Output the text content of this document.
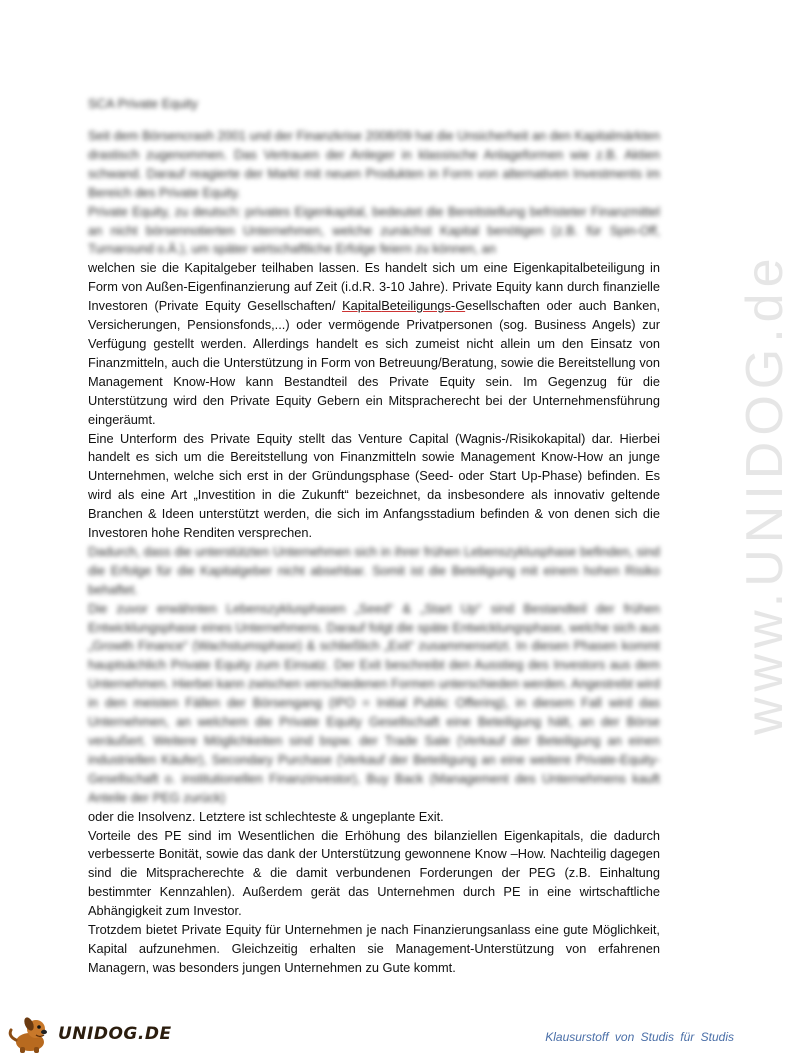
www.UNIDOG.de
SCA Private Equity

Seit dem Börsencrash 2001 und der Finanzkrise 2008/09 hat die Unsicherheit an den Kapitalmärkten drastisch zugenommen. Das Vertrauen der Anleger in klassische Anlageformen wie z.B. Aktien schwand. Darauf reagierte der Markt mit neuen Produkten in Form von alternativen Investments im Bereich des Private Equity.

Private Equity, zu deutsch: privates Eigenkapital, bedeutet die Bereitstellung befristeter Finanzmittel an nicht börsennotierten Unternehmen, welche zunächst Kapital benötigen (z.B. für Spin-Off, Turnaround o.Ä.), um später wirtschaftliche Erfolge feiern zu können, an

welchen sie die Kapitalgeber teilhaben lassen. Es handelt sich um eine Eigenkapitalbeteiligung in Form von Außen-Eigenfinanzierung auf Zeit (i.d.R. 3-10 Jahre). Private Equity kann durch finanzielle Investoren (Private Equity Gesellschaften/ KapitalBeteiligungs-Gesellschaften oder auch Banken, Versicherungen, Pensionsfonds,...) oder vermögende Privatpersonen (sog. Business Angels) zur Verfügung gestellt werden. Allerdings handelt es sich zumeist nicht allein um den Einsatz von Finanzmitteln, auch die Unterstützung in Form von Betreuung/Beratung, sowie die Bereitstellung von Management Know-How kann Bestandteil des Private Equity sein. Im Gegenzug für die Unterstützung wird den Private Equity Gebern ein Mitspracherecht bei der Unternehmensführung eingeräumt.

Eine Unterform des Private Equity stellt das Venture Capital (Wagnis-/Risikokapital) dar. Hierbei handelt es sich um die Bereitstellung von Finanzmitteln sowie Management Know-How an junge Unternehmen, welche sich erst in der Gründungsphase (Seed- oder Start Up-Phase) befinden. Es wird als eine Art „Investition in die Zukunft“ bezeichnet, da insbesondere als innovativ geltende Branchen & Ideen unterstützt werden, die sich im Anfangsstadium befinden & von denen sich die Investoren hohe Renditen versprechen.

Dadurch, dass die unterstützten Unternehmen sich in ihrer frühen Lebenszyklusphase befinden, sind die Erfolge für die Kapitalgeber nicht absehbar. Somit ist die Beteiligung mit einem hohen Risiko behaftet.

Die zuvor erwähnten Lebenszyklusphasen „Seed“ & „Start Up“ sind Bestandteil der frühen Entwicklungsphase eines Unternehmens. Darauf folgt die späte Entwicklungsphase, welche sich aus „Growth Finance“ (Wachstumsphase) & schließlich „Exit“ zusammensetzt. In diesen Phasen kommt hauptsächlich Private Equity zum Einsatz. Der Exit beschreibt den Ausstieg des Investors aus dem Unternehmen. Hierbei kann zwischen verschiedenen Formen unterschieden werden. Angestrebt wird in den meisten Fällen der Börsengang (IPO = Initial Public Offering), in diesem Fall wird das Unternehmen, an welchem die Private Equity Gesellschaft eine Beteiligung hält, an der Börse veräußert. Weitere Möglichkeiten sind bspw. der Trade Sale (Verkauf der Beteiligung an einen industriellen Käufer), Secondary Purchase (Verkauf der Beteiligung an eine weitere Private-Equity-Gesellschaft o. institutionellen Finanzinvestor), Buy Back (Management des Unternehmens kauft Anteile der PEG zurück)

oder die Insolvenz. Letztere ist schlechteste & ungeplante Exit.

Vorteile des PE sind im Wesentlichen die Erhöhung des bilanziellen Eigenkapitals, die dadurch verbesserte Bonität, sowie das dank der Unterstützung gewonnene Know –How. Nachteilig dagegen sind die Mitspracherechte & die damit verbundenen Forderungen der PEG (z.B. Einhaltung bestimmter Kennzahlen). Außerdem gerät das Unternehmen durch PE in eine wirtschaftliche Abhängigkeit zum Investor.

Trotzdem bietet Private Equity für Unternehmen je nach Finanzierungsanlass eine gute Möglichkeit, Kapital aufzunehmen. Gleichzeitig erhalten sie Management-Unterstützung von erfahrenen Managern, was besonders jungen Unternehmen zu Gute kommt.

UNIDOG.DE	Klausurstoff von Studis für Studis
